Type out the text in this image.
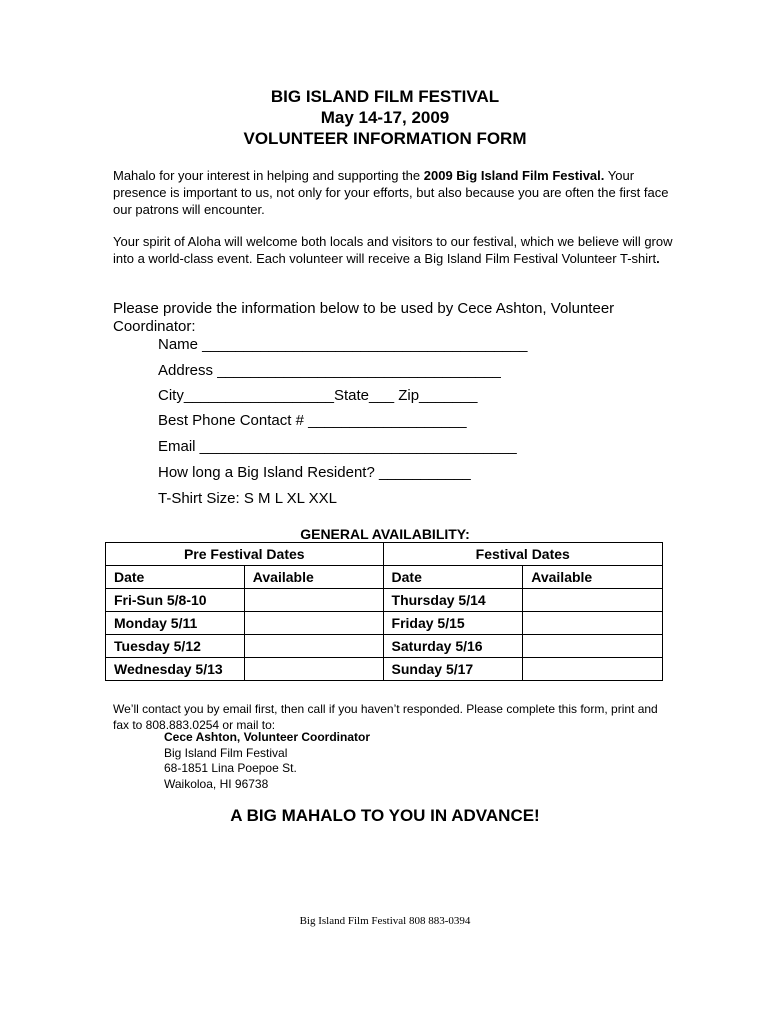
BIG ISLAND FILM FESTIVAL
May 14-17, 2009
VOLUNTEER INFORMATION FORM
Mahalo for your interest in helping and supporting the 2009 Big Island Film Festival. Your presence is important to us, not only for your efforts, but also because you are often the first face our patrons will encounter.
Your spirit of Aloha will welcome both locals and visitors to our festival, which we believe will grow into a world-class event. Each volunteer will receive a Big Island Film Festival Volunteer T-shirt.
Please provide the information below to be used by Cece Ashton, Volunteer Coordinator:
Name _______________________________________
Address __________________________________
City__________________State___ Zip_______
Best Phone Contact # ___________________
Email ______________________________________
How long a Big Island Resident? ___________
T-Shirt Size: S M L XL XXL
GENERAL AVAILABILITY:
Pre Festival Dates		Festival Dates	
Date	Available	Date	Available
Fri-Sun 5/8-10		Thursday 5/14	
Monday 5/11		Friday 5/15	
Tuesday 5/12		Saturday 5/16	
Wednesday 5/13		Sunday 5/17	
We’ll contact you by email first, then call if you haven’t responded. Please complete this form, print and fax to 808.883.0254 or mail to:
Cece Ashton, Volunteer Coordinator
Big Island Film Festival
68-1851 Lina Poepoe St.
Waikoloa, HI 96738
A BIG MAHALO TO YOU IN ADVANCE!
Big Island Film Festival 808 883-0394
